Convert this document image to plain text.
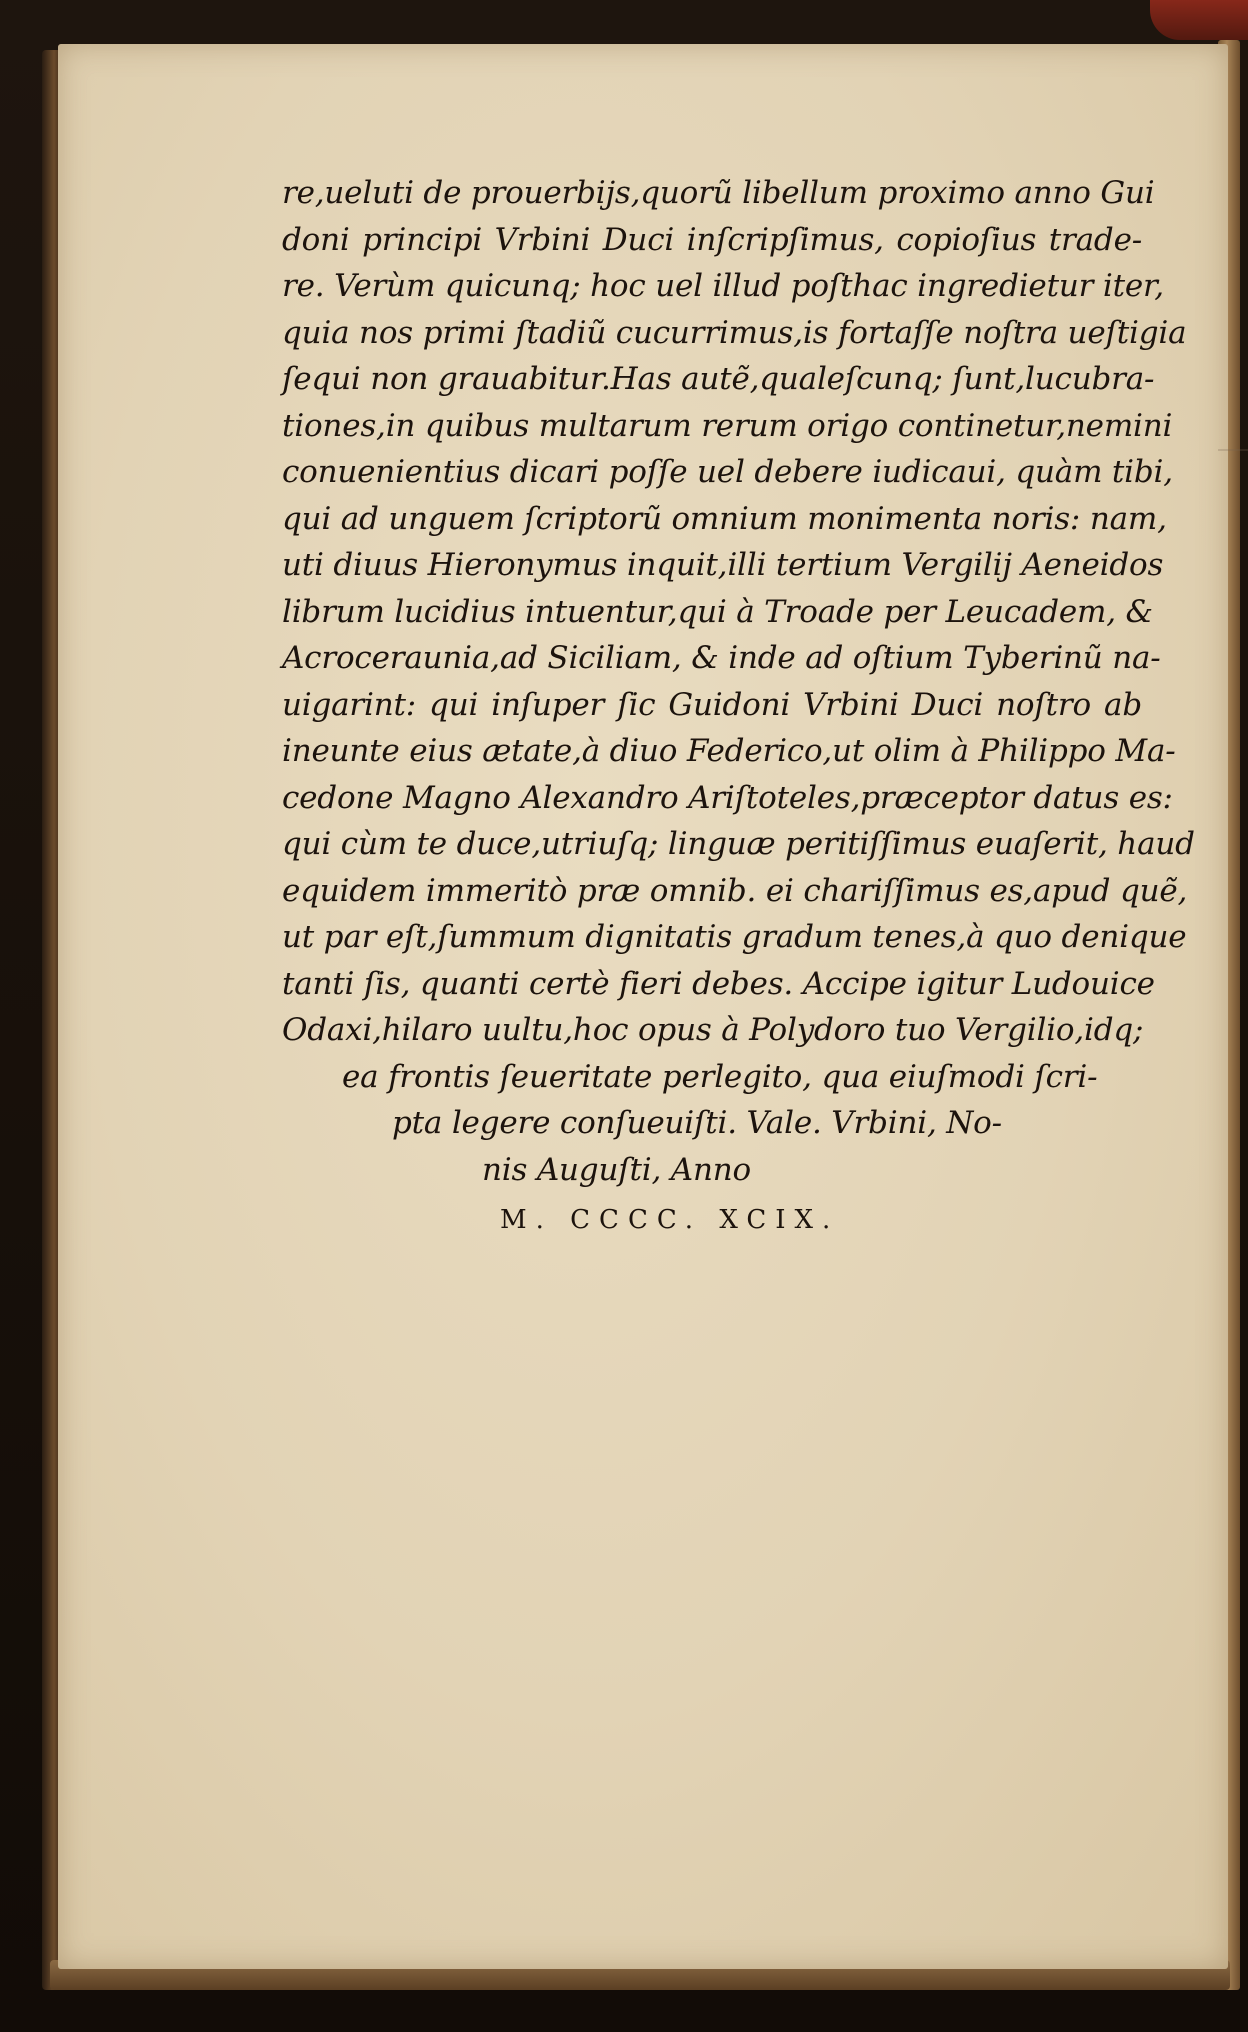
re,ueluti de prouerbijs,quorũ libellum proximo anno Gui
doni principi Vrbini Duci inſcripſimus, copioſius trade-
re. Verùm quicunq; hoc uel illud poſthac ingredietur iter,
quia nos primi ſtadiũ cucurrimus,is fortaſſe noſtra ueſtigia
ſequi non grauabitur.Has autẽ,qualeſcunq; ſunt,lucubra-
tiones,in quibus multarum rerum origo continetur,nemini
conuenientius dicari poſſe uel debere iudicaui, quàm tibi,
qui ad unguem ſcriptorũ omnium monimenta noris: nam,
uti diuus Hieronymus inquit,illi tertium Vergilij Aeneidos
librum lucidius intuentur,qui à Troade per Leucadem, &
Acroceraunia,ad Siciliam, & inde ad oſtium Tyberinũ na-
uigarint: qui inſuper ſic Guidoni Vrbini Duci noſtro ab
ineunte eius ætate,à diuo Federico,ut olim à Philippo Ma-
cedone Magno Alexandro Ariſtoteles,præceptor datus es:
qui cùm te duce,utriuſq; linguæ peritiſſimus euaſerit, haud
equidem immeritò præ omnib. ei chariſſimus es,apud quẽ,
ut par eſt,ſummum dignitatis gradum tenes,à quo denique
tanti ſis, quanti certè fieri debes. Accipe igitur Ludouice
Odaxi,hilaro uultu,hoc opus à Polydoro tuo Vergilio,idq;
ea frontis ſeueritate perlegito, qua eiuſmodi ſcri-
pta legere conſueuiſti. Vale. Vrbini, No-
nis Auguſti, Anno
M. CCCC. XCIX.
